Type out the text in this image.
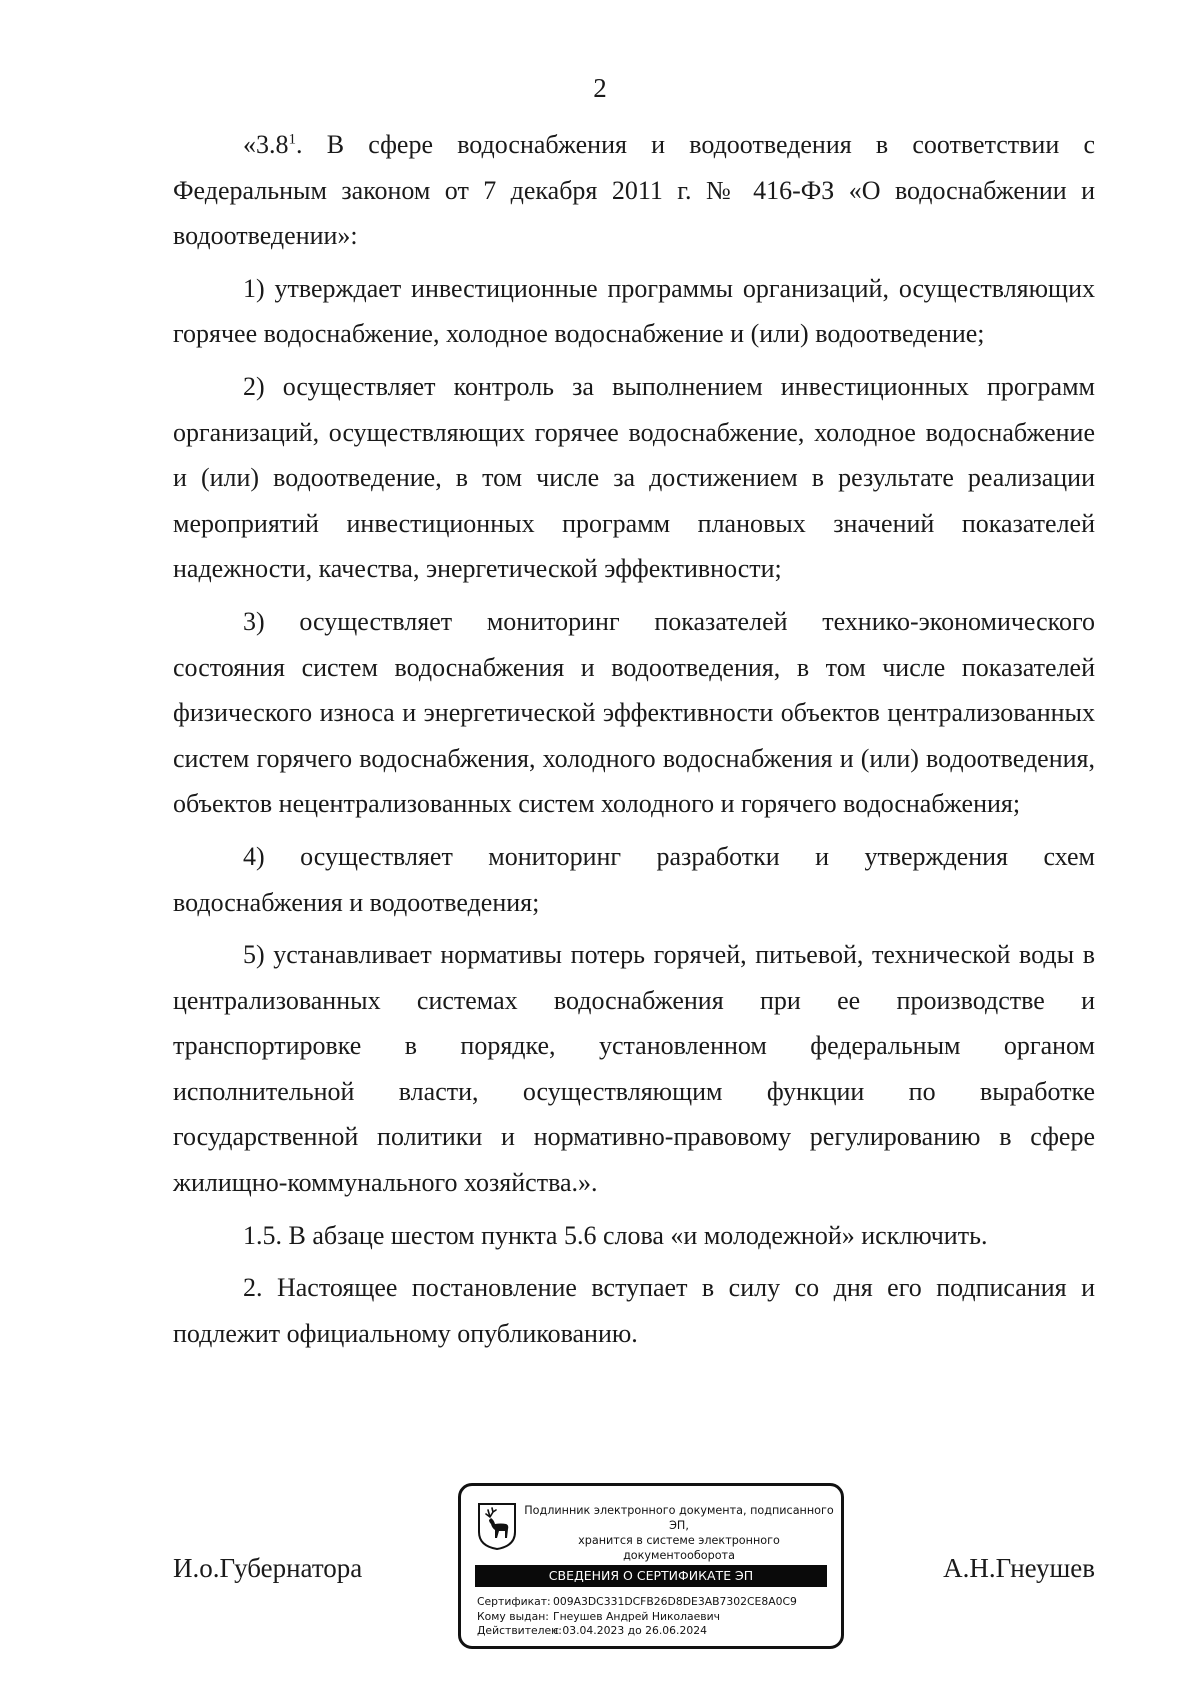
2

«$3.8^1$. В сфере водоснабжения и водоотведения в соответствии с Федеральным законом от 7 декабря 2011 г. № 416-ФЗ «О водоснабжении и водоотведении»:

1) утверждает инвестиционные программы организаций, осуществляющих горячее водоснабжение, холодное водоснабжение и (или) водоотведение;

2) осуществляет контроль за выполнением инвестиционных программ организаций, осуществляющих горячее водоснабжение, холодное водоснабжение и (или) водоотведение, в том числе за достижением в результате реализации мероприятий инвестиционных программ плановых значений показателей надежности, качества, энергетической эффективности;

3) осуществляет мониторинг показателей технико-экономического состояния систем водоснабжения и водоотведения, в том числе показателей физического износа и энергетической эффективности объектов централизованных систем горячего водоснабжения, холодного водоснабжения и (или) водоотведения, объектов нецентрализованных систем холодного и горячего водоснабжения;

4) осуществляет мониторинг разработки и утверждения схем водоснабжения и водоотведения;

5) устанавливает нормативы потерь горячей, питьевой, технической воды в централизованных системах водоснабжения при ее производстве и транспортировке в порядке, установленном федеральным органом исполнительной власти, осуществляющим функции по выработке государственной политики и нормативно-правовому регулированию в сфере жилищно-коммунального хозяйства.».

1.5. В абзаце шестом пункта 5.6 слова «и молодежной» исключить.

2. Настоящее постановление вступает в силу со дня его подписания и подлежит официальному опубликованию.

И.о.Губернатора	А.Н.Гнеушев
Подлинник электронного документа, подписанного ЭП,
хранится в системе электронного документооборота
СВЕДЕНИЯ О СЕРТИФИКАТЕ ЭП
Сертификат: 009A3DC331DCFB26D8DE3AB7302CE8A0C9
Кому выдан: Гнеушев Андрей Николаевич
Действителен:с 03.04.2023 до 26.06.2024
